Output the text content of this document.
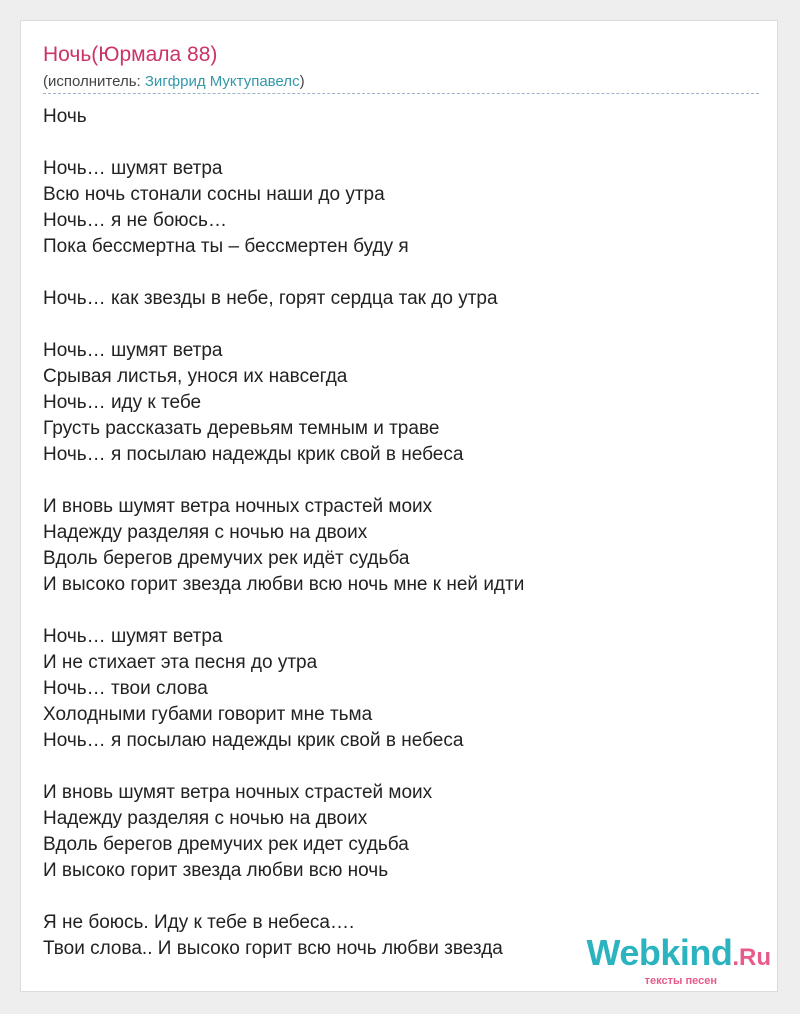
Ночь(Юрмала 88)
(исполнитель: Зигфрид Муктупавелс)
Ночь
Ночь… шумят ветра
Всю ночь стонали сосны наши до утра
Ночь… я не боюсь…
Пока бессмертна ты – бессмертен буду я
Ночь… как звезды в небе, горят сердца так до утра
Ночь… шумят ветра
Срывая листья, унося их навсегда
Ночь… иду к тебе
Грусть рассказать деревьям темным и траве
Ночь… я посылаю надежды крик свой в небеса
И вновь шумят ветра ночных страстей моих
Надежду разделяя с ночью на двоих
Вдоль берегов дремучих рек идёт судьба
И высоко горит звезда любви всю ночь мне к ней идти
Ночь… шумят ветра
И не стихает эта песня до утра
Ночь… твои слова
Холодными губами говорит мне тьма
Ночь… я посылаю надежды крик свой в небеса
И вновь шумят ветра ночных страстей моих
Надежду разделяя с ночью на двоих
Вдоль берегов дремучих рек идет судьба
И высоко горит звезда любви всю ночь
Я не боюсь. Иду к тебе в небеса….
Твои слова.. И высоко горит всю ночь любви звезда	Webkind.Ru
тексты песен
